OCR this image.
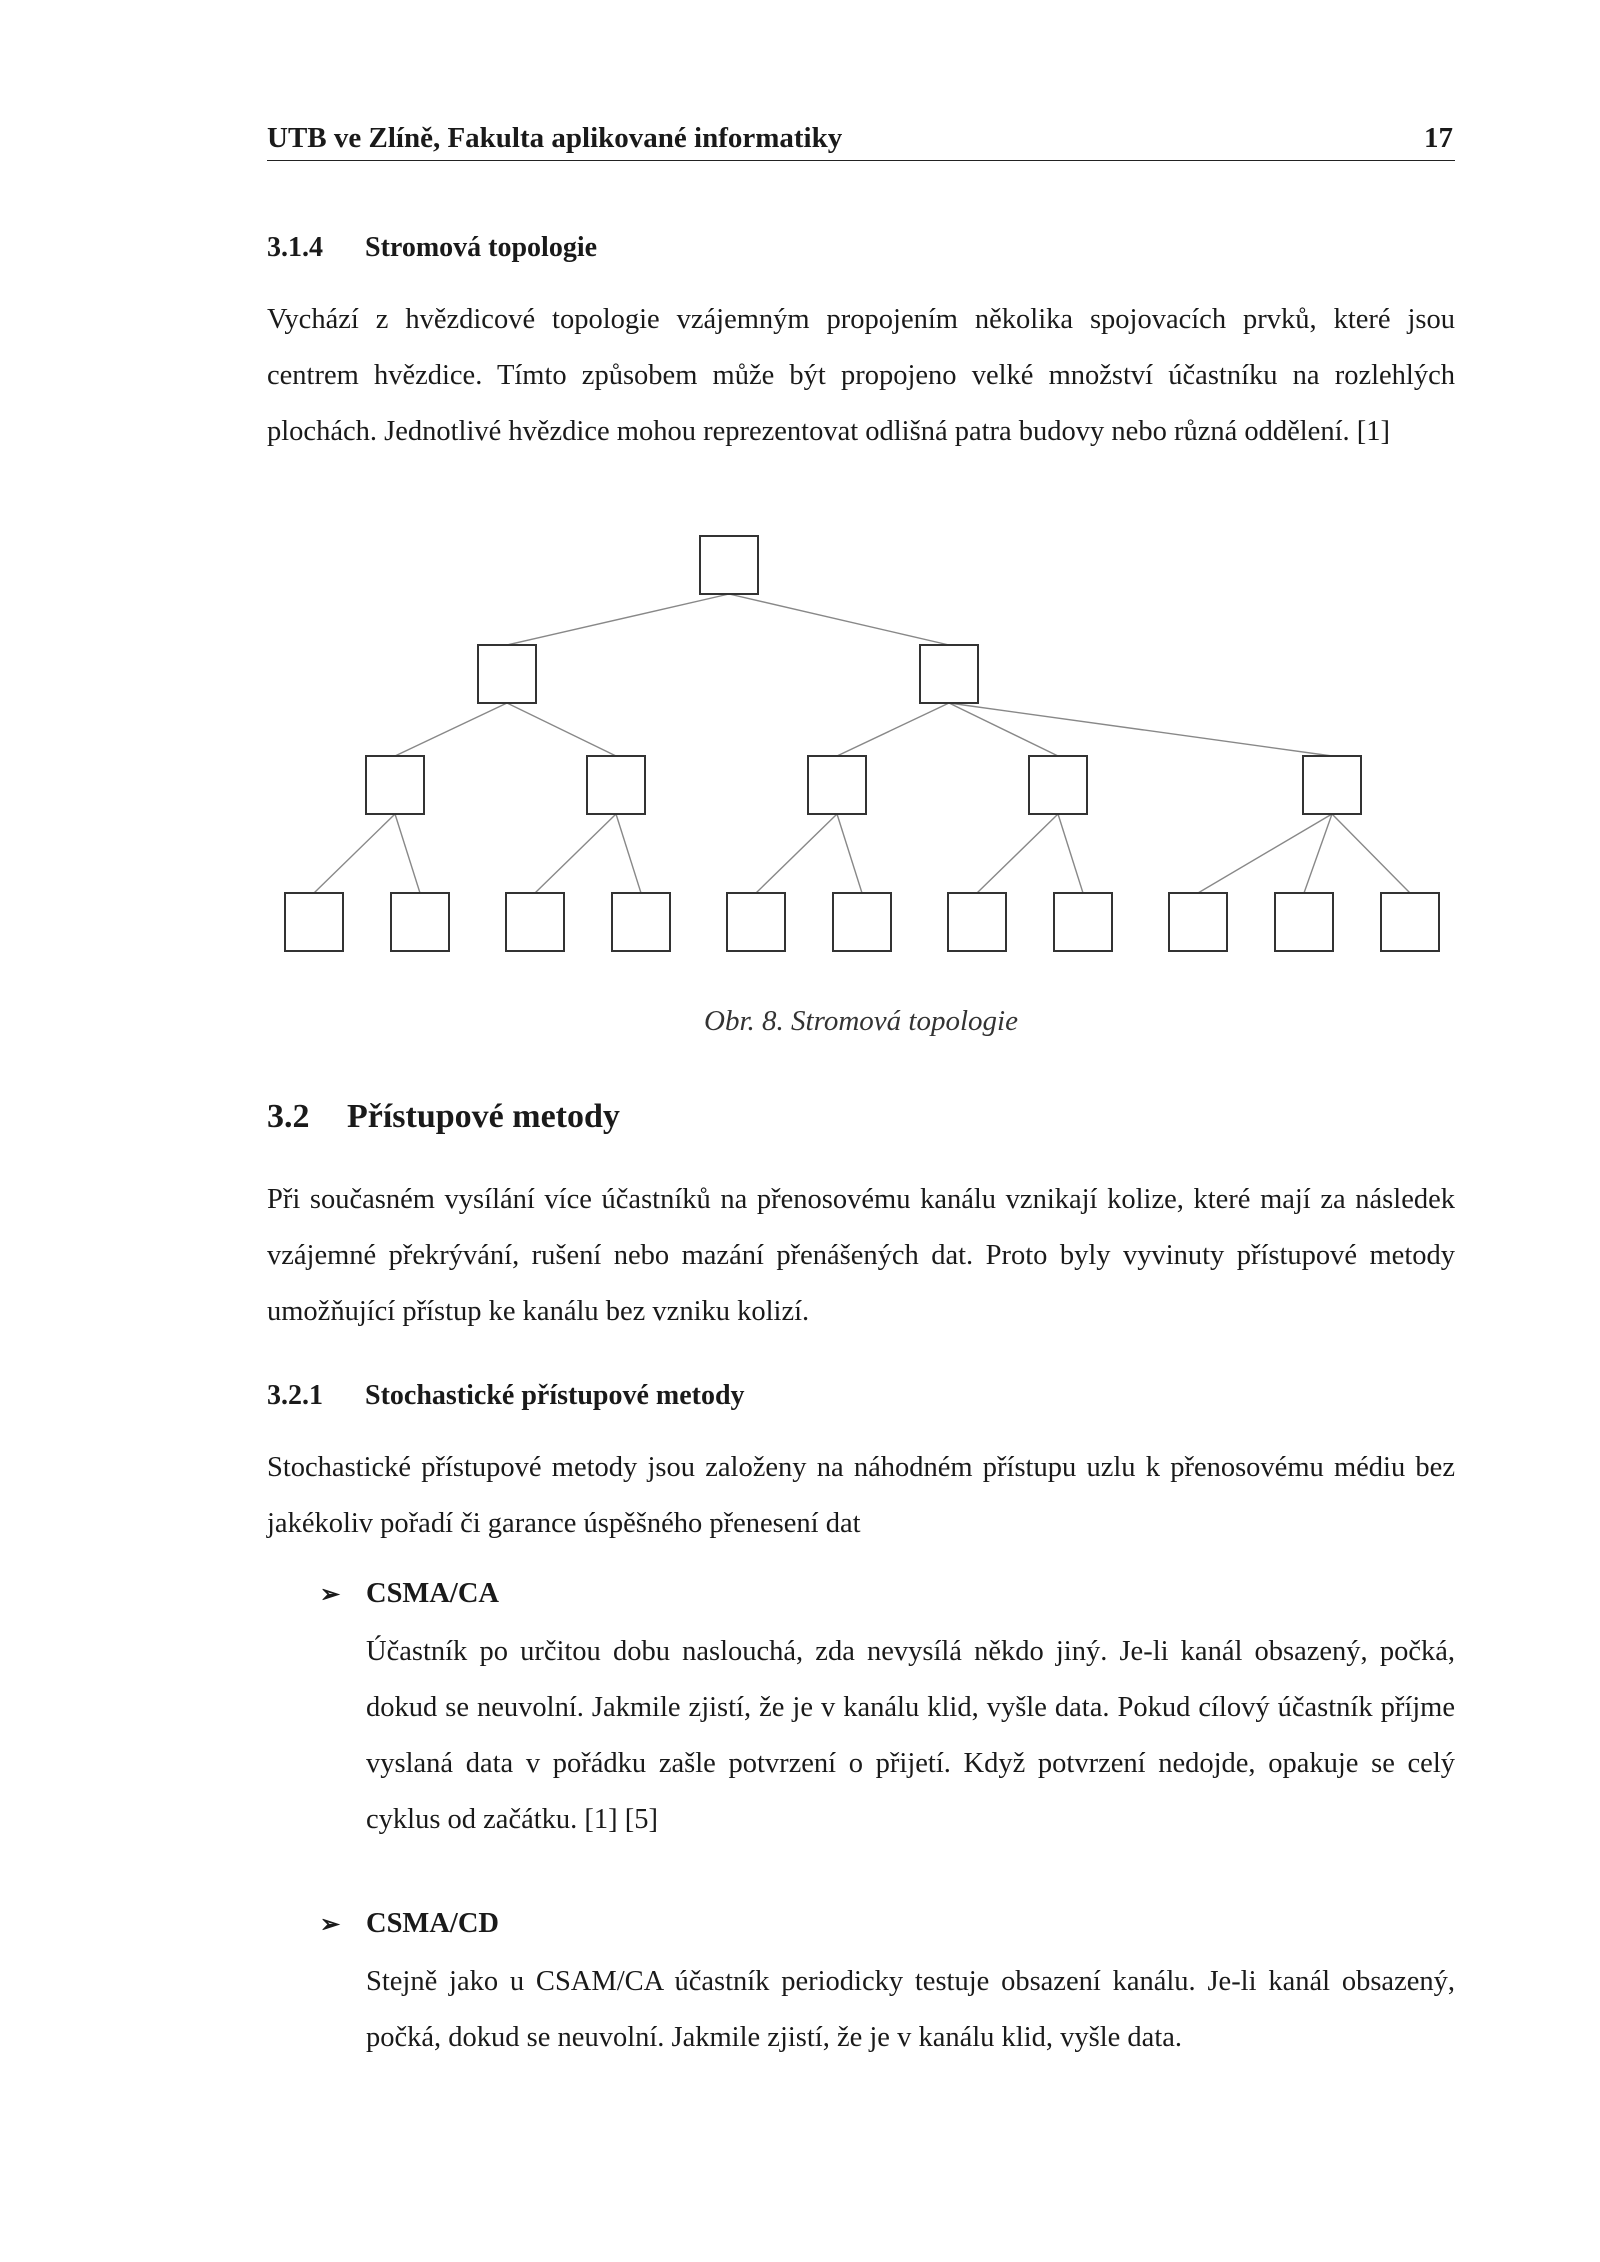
UTB ve Zlíně, Fakulta aplikované informatiky	17
3.1.4 Stromová topologie
Vychází z hvězdicové topologie vzájemným propojením několika spojovacích prvků, které jsou centrem hvězdice. Tímto způsobem může být propojeno velké množství účastníku na rozlehlých plochách. Jednotlivé hvězdice mohou reprezentovat odlišná patra budovy nebo různá oddělení. [1]
Obr. 8. Stromová topologie
3.2 Přístupové metody
Při současném vysílání více účastníků na přenosovému kanálu vznikají kolize, které mají za následek vzájemné překrývání, rušení nebo mazání přenášených dat. Proto byly vyvinuty přístupové metody umožňující přístup ke kanálu bez vzniku kolizí.
3.2.1 Stochastické přístupové metody
Stochastické přístupové metody jsou založeny na náhodném přístupu uzlu k přenosovému médiu bez jakékoliv pořadí či garance úspěšného přenesení dat
➢ CSMA/CA
Účastník po určitou dobu naslouchá, zda nevysílá někdo jiný. Je-li kanál obsazený, počká, dokud se neuvolní. Jakmile zjistí, že je v kanálu klid, vyšle data. Pokud cílový účastník příjme vyslaná data v pořádku zašle potvrzení o přijetí. Když potvrzení nedojde, opakuje se celý cyklus od začátku. [1] [5]
➢ CSMA/CD
Stejně jako u CSAM/CA účastník periodicky testuje obsazení kanálu. Je-li kanál obsazený, počká, dokud se neuvolní. Jakmile zjistí, že je v kanálu klid, vyšle data.
